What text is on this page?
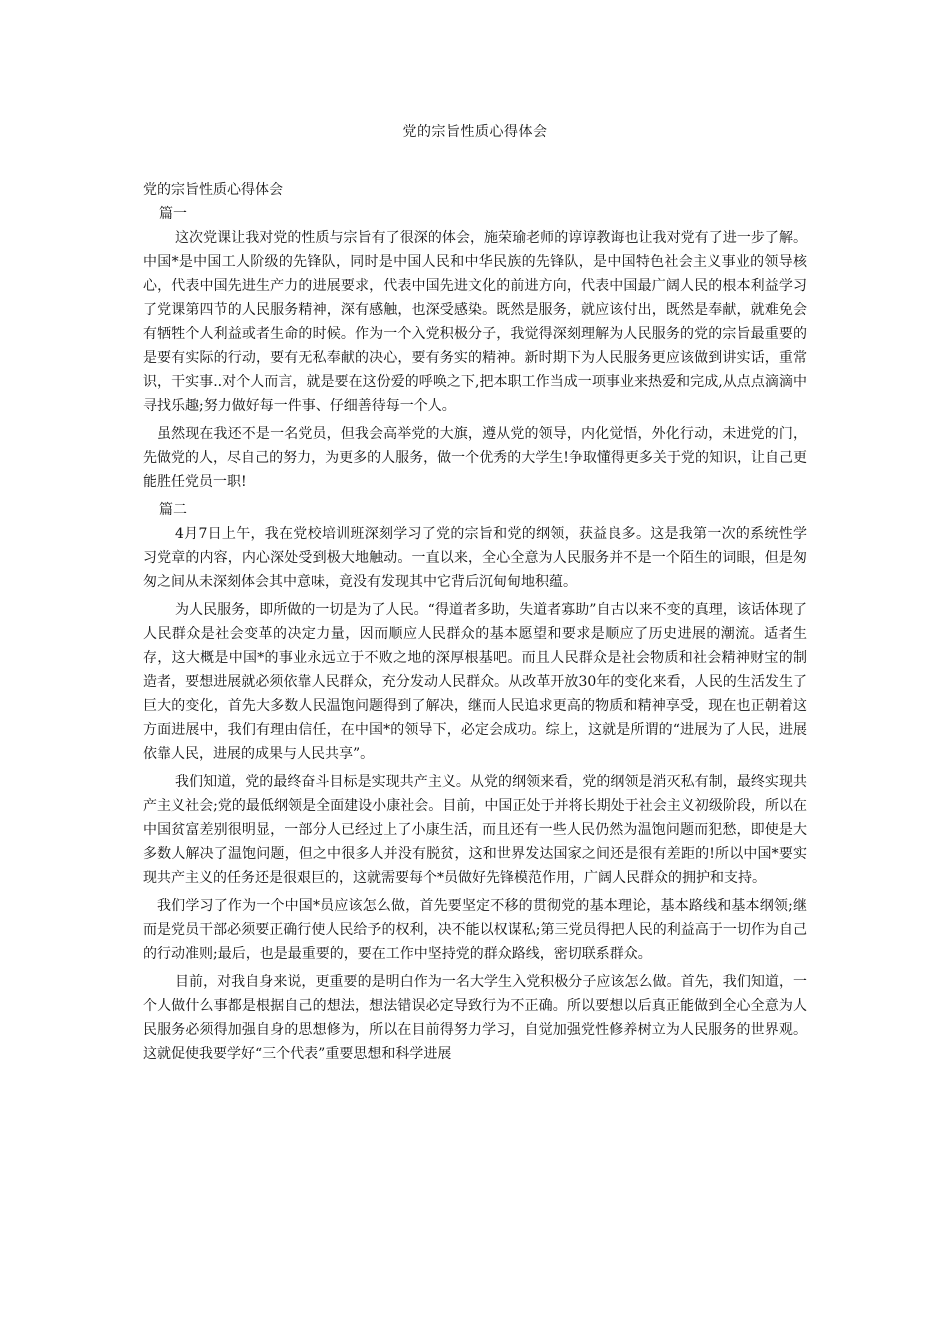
党的宗旨性质心得体会
党的宗旨性质心得体会
篇一

这次党课让我对党的性质与宗旨有了很深的体会，施荣瑜老师的谆谆教诲也让我对党有了进一步了解。中国*是中国工人阶级的先锋队，同时是中国人民和中华民族的先锋队，是中国特色社会主义事业的领导核心，代表中国先进生产力的进展要求，代表中国先进文化的前进方向，代表中国最广阔人民的根本利益学习了党课第四节的人民服务精神，深有感触，也深受感染。既然是服务，就应该付出，既然是奉献，就难免会有牺牲个人利益或者生命的时候。作为一个入党积极分子，我觉得深刻理解为人民服务的党的宗旨最重要的是要有实际的行动，要有无私奉献的决心，要有务实的精神。新时期下为人民服务更应该做到讲实话，重常识，干实事..对个人而言，就是要在这份爱的呼唤之下,把本职工作当成一项事业来热爱和完成,从点点滴滴中寻找乐趣;努力做好每一件事、仔细善待每一个人。

虽然现在我还不是一名党员，但我会高举党的大旗，遵从党的领导，内化觉悟，外化行动，未进党的门，先做党的人，尽自己的努力，为更多的人服务，做一个优秀的大学生!争取懂得更多关于党的知识，让自己更能胜任党员一职!

篇二

4月7日上午，我在党校培训班深刻学习了党的宗旨和党的纲领，获益良多。这是我第一次的系统性学习党章的内容，内心深处受到极大地触动。一直以来，全心全意为人民服务并不是一个陌生的词眼，但是匆匆之间从未深刻体会其中意味，竟没有发现其中它背后沉甸甸地积蕴。

为人民服务，即所做的一切是为了人民。“得道者多助，失道者寡助”自古以来不变的真理，该话体现了人民群众是社会变革的决定力量，因而顺应人民群众的基本愿望和要求是顺应了历史进展的潮流。适者生存，这大概是中国*的事业永远立于不败之地的深厚根基吧。而且人民群众是社会物质和社会精神财宝的制造者，要想进展就必须依靠人民群众，充分发动人民群众。从改革开放30年的变化来看，人民的生活发生了巨大的变化，首先大多数人民温饱问题得到了解决，继而人民追求更高的物质和精神享受，现在也正朝着这方面进展中，我们有理由信任，在中国*的领导下，必定会成功。综上，这就是所谓的“进展为了人民，进展依靠人民，进展的成果与人民共享”。

我们知道，党的最终奋斗目标是实现共产主义。从党的纲领来看，党的纲领是消灭私有制，最终实现共产主义社会;党的最低纲领是全面建设小康社会。目前，中国正处于并将长期处于社会主义初级阶段，所以在中国贫富差别很明显，一部分人已经过上了小康生活，而且还有一些人民仍然为温饱问题而犯愁，即使是大多数人解决了温饱问题，但之中很多人并没有脱贫，这和世界发达国家之间还是很有差距的!所以中国*要实现共产主义的任务还是很艰巨的，这就需要每个*员做好先锋模范作用，广阔人民群众的拥护和支持。

我们学习了作为一个中国*员应该怎么做，首先要坚定不移的贯彻党的基本理论，基本路线和基本纲领;继而是党员干部必须要正确行使人民给予的权利，决不能以权谋私;第三党员得把人民的利益高于一切作为自己的行动准则;最后，也是最重要的，要在工作中坚持党的群众路线，密切联系群众。

目前，对我自身来说，更重要的是明白作为一名大学生入党积极分子应该怎么做。首先，我们知道，一个人做什么事都是根据自己的想法，想法错误必定导致行为不正确。所以要想以后真正能做到全心全意为人民服务必须得加强自身的思想修为，所以在目前得努力学习，自觉加强党性修养树立为人民服务的世界观。这就促使我要学好“三个代表”重要思想和科学进展
